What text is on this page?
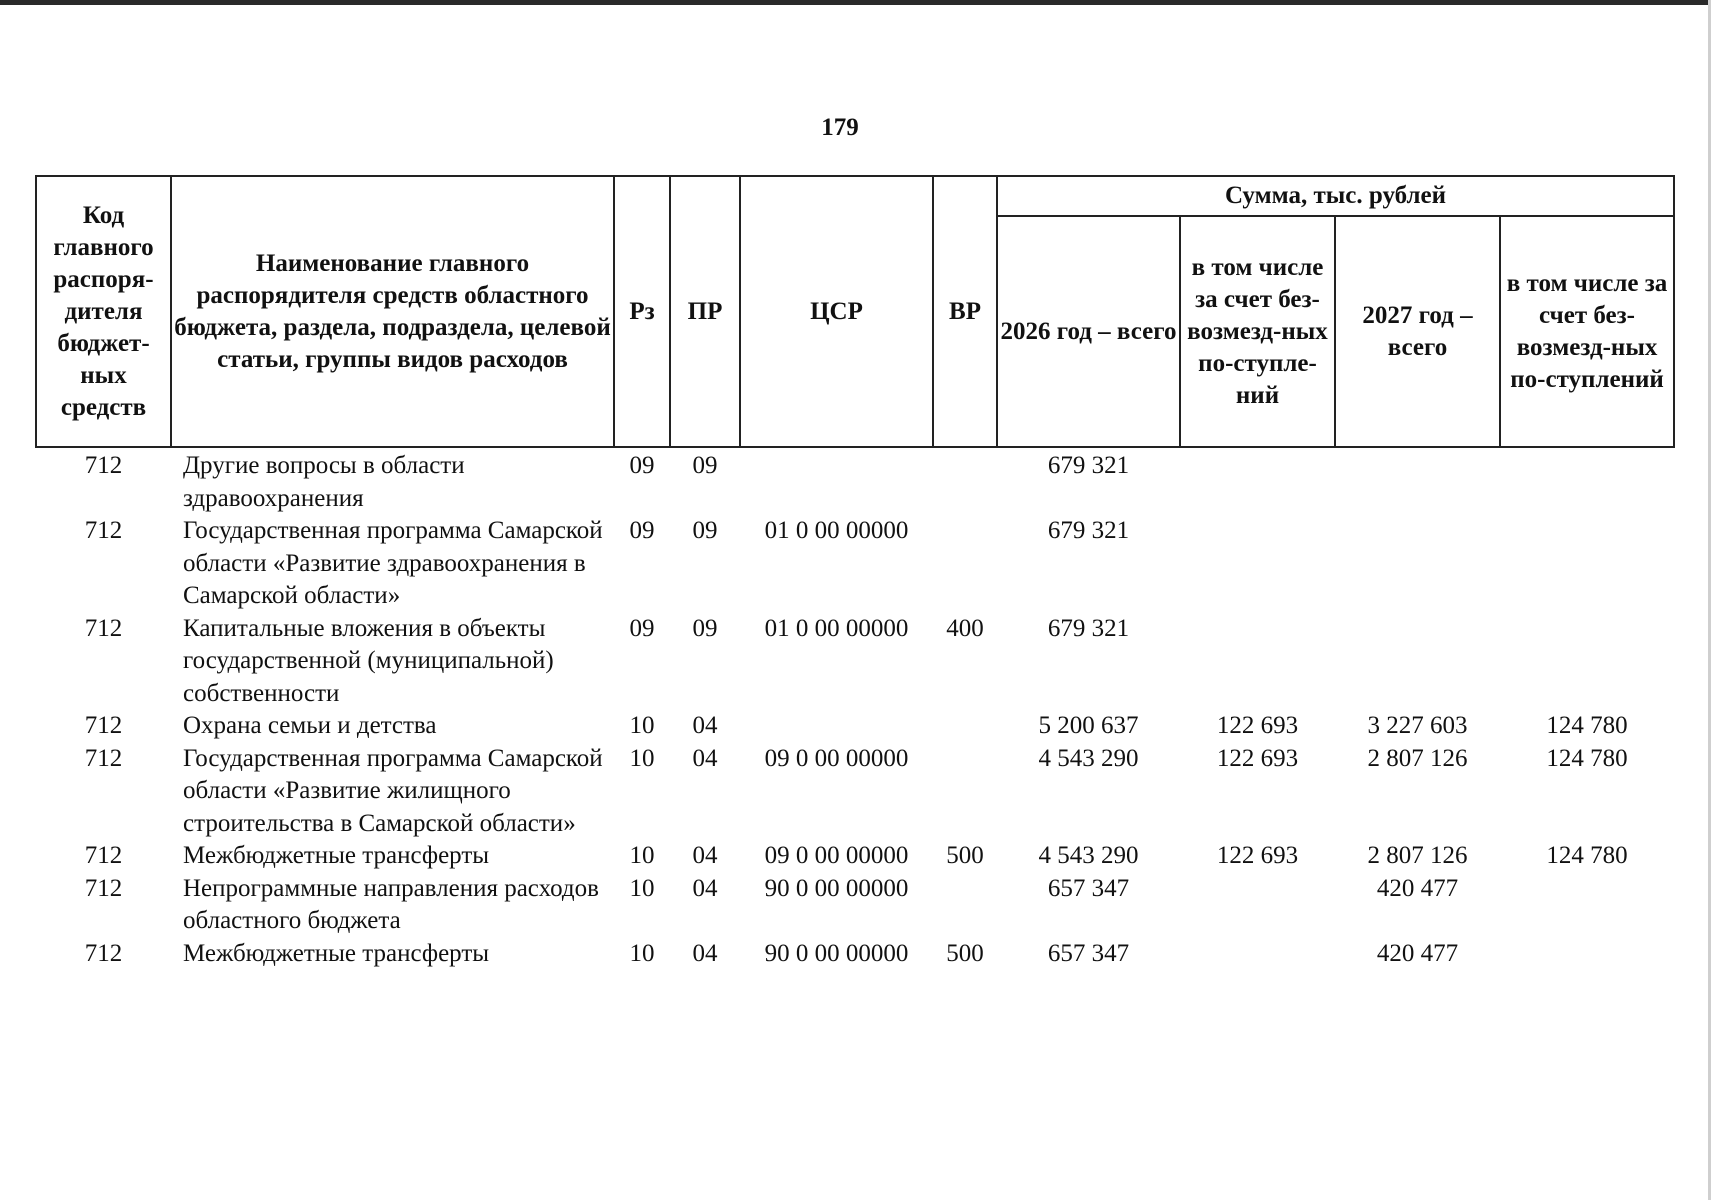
179
Код главного распоря-дителя бюджет-ных средств	Наименование главного распорядителя средств областного бюджета, раздела, подраздела, целевой статьи, группы видов расходов	Рз	ПР	ЦСР	ВР	Сумма, тыс. рублей			
						2026 год – всего	в том числе за счет без-возмезд-ных по-ступле-ний	2027 год – всего	в том числе за счет без-возмезд-ных по-ступлений
712	Другие вопросы в области здравоохранения	09	09			679 321			
712	Государственная программа Самарской области «Развитие здравоохранения в Самарской области»	09	09	01 0 00 00000		679 321			
712	Капитальные вложения в объекты государственной (муниципальной) собственности	09	09	01 0 00 00000	400	679 321			
712	Охрана семьи и детства	10	04			5 200 637	122 693	3 227 603	124 780
712	Государственная программа Самарской области «Развитие жилищного строительства в Самарской области»	10	04	09 0 00 00000		4 543 290	122 693	2 807 126	124 780
712	Межбюджетные трансферты	10	04	09 0 00 00000	500	4 543 290	122 693	2 807 126	124 780
712	Непрограммные направления расходов областного бюджета	10	04	90 0 00 00000		657 347		420 477	
712	Межбюджетные трансферты	10	04	90 0 00 00000	500	657 347		420 477	
